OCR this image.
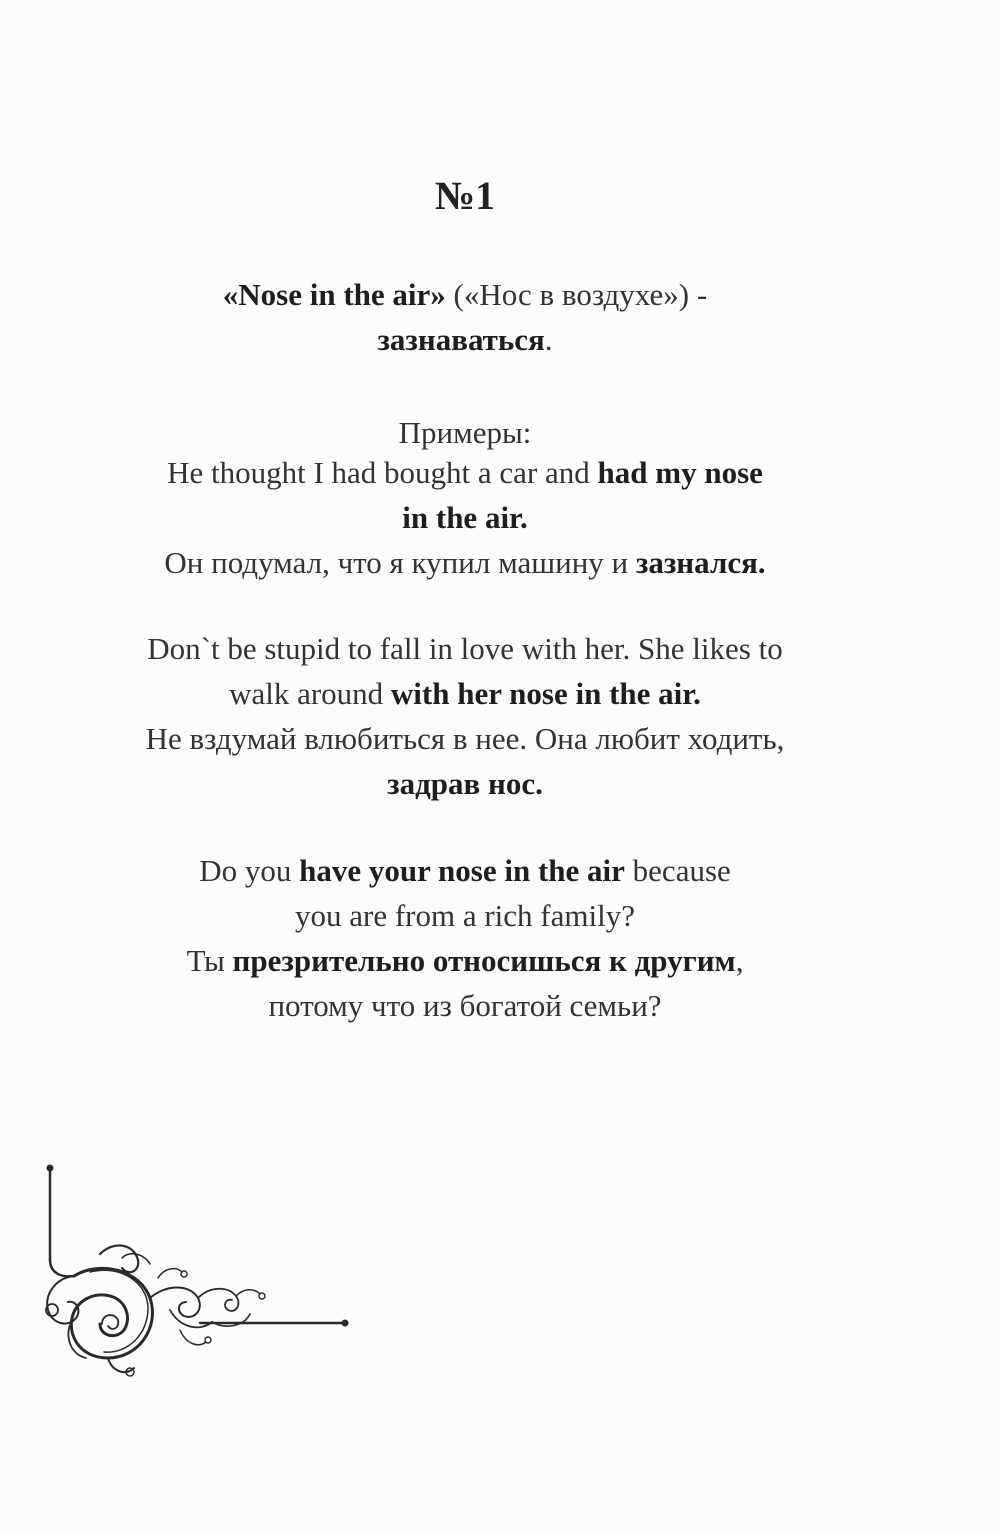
№1
«Nose in the air» («Нос в воздухе») -
зазнаваться.
Примеры:
He thought I had bought a car and had my nose
in the air.
Он подумал, что я купил машину и зазнался.
Don`t be stupid to fall in love with her. She likes to
walk around with her nose in the air.
Не вздумай влюбиться в нее. Она любит ходить,
задрав нос.
Do you have your nose in the air because
you are from a rich family?
Ты презрительно относишься к другим,
потому что из богатой семьи?
